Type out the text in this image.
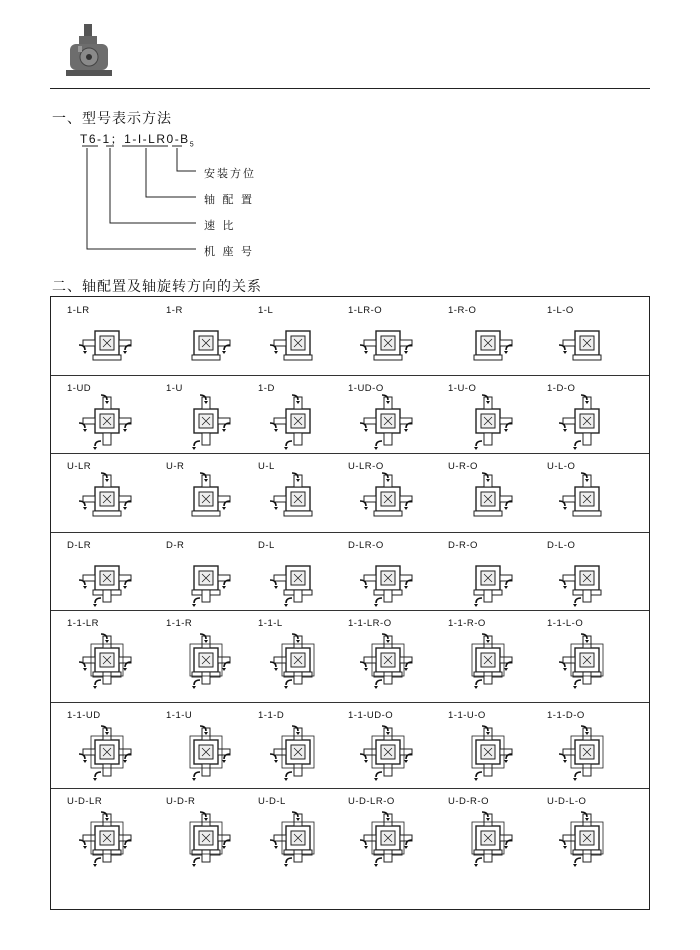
一、型号表示方法
T6-1；$1-I-LR0-B_5$
安装方位
轴 配 置
速 比
机 座 号
二、轴配置及轴旋转方向的关系
1-LR	1-R	1-L	1-LR-O	1-R-O	1-L-O
1-UD	1-U	1-D	1-UD-O	1-U-O	1-D-O
U-LR	U-R	U-L	U-LR-O	U-R-O	U-L-O
D-LR	D-R	D-L	D-LR-O	D-R-O	D-L-O
1-1-LR	1-1-R	1-1-L	1-1-LR-O	1-1-R-O	1-1-L-O
1-1-UD	1-1-U	1-1-D	1-1-UD-O	1-1-U-O	1-1-D-O
U-D-LR	U-D-R	U-D-L	U-D-LR-O	U-D-R-O	U-D-L-O
